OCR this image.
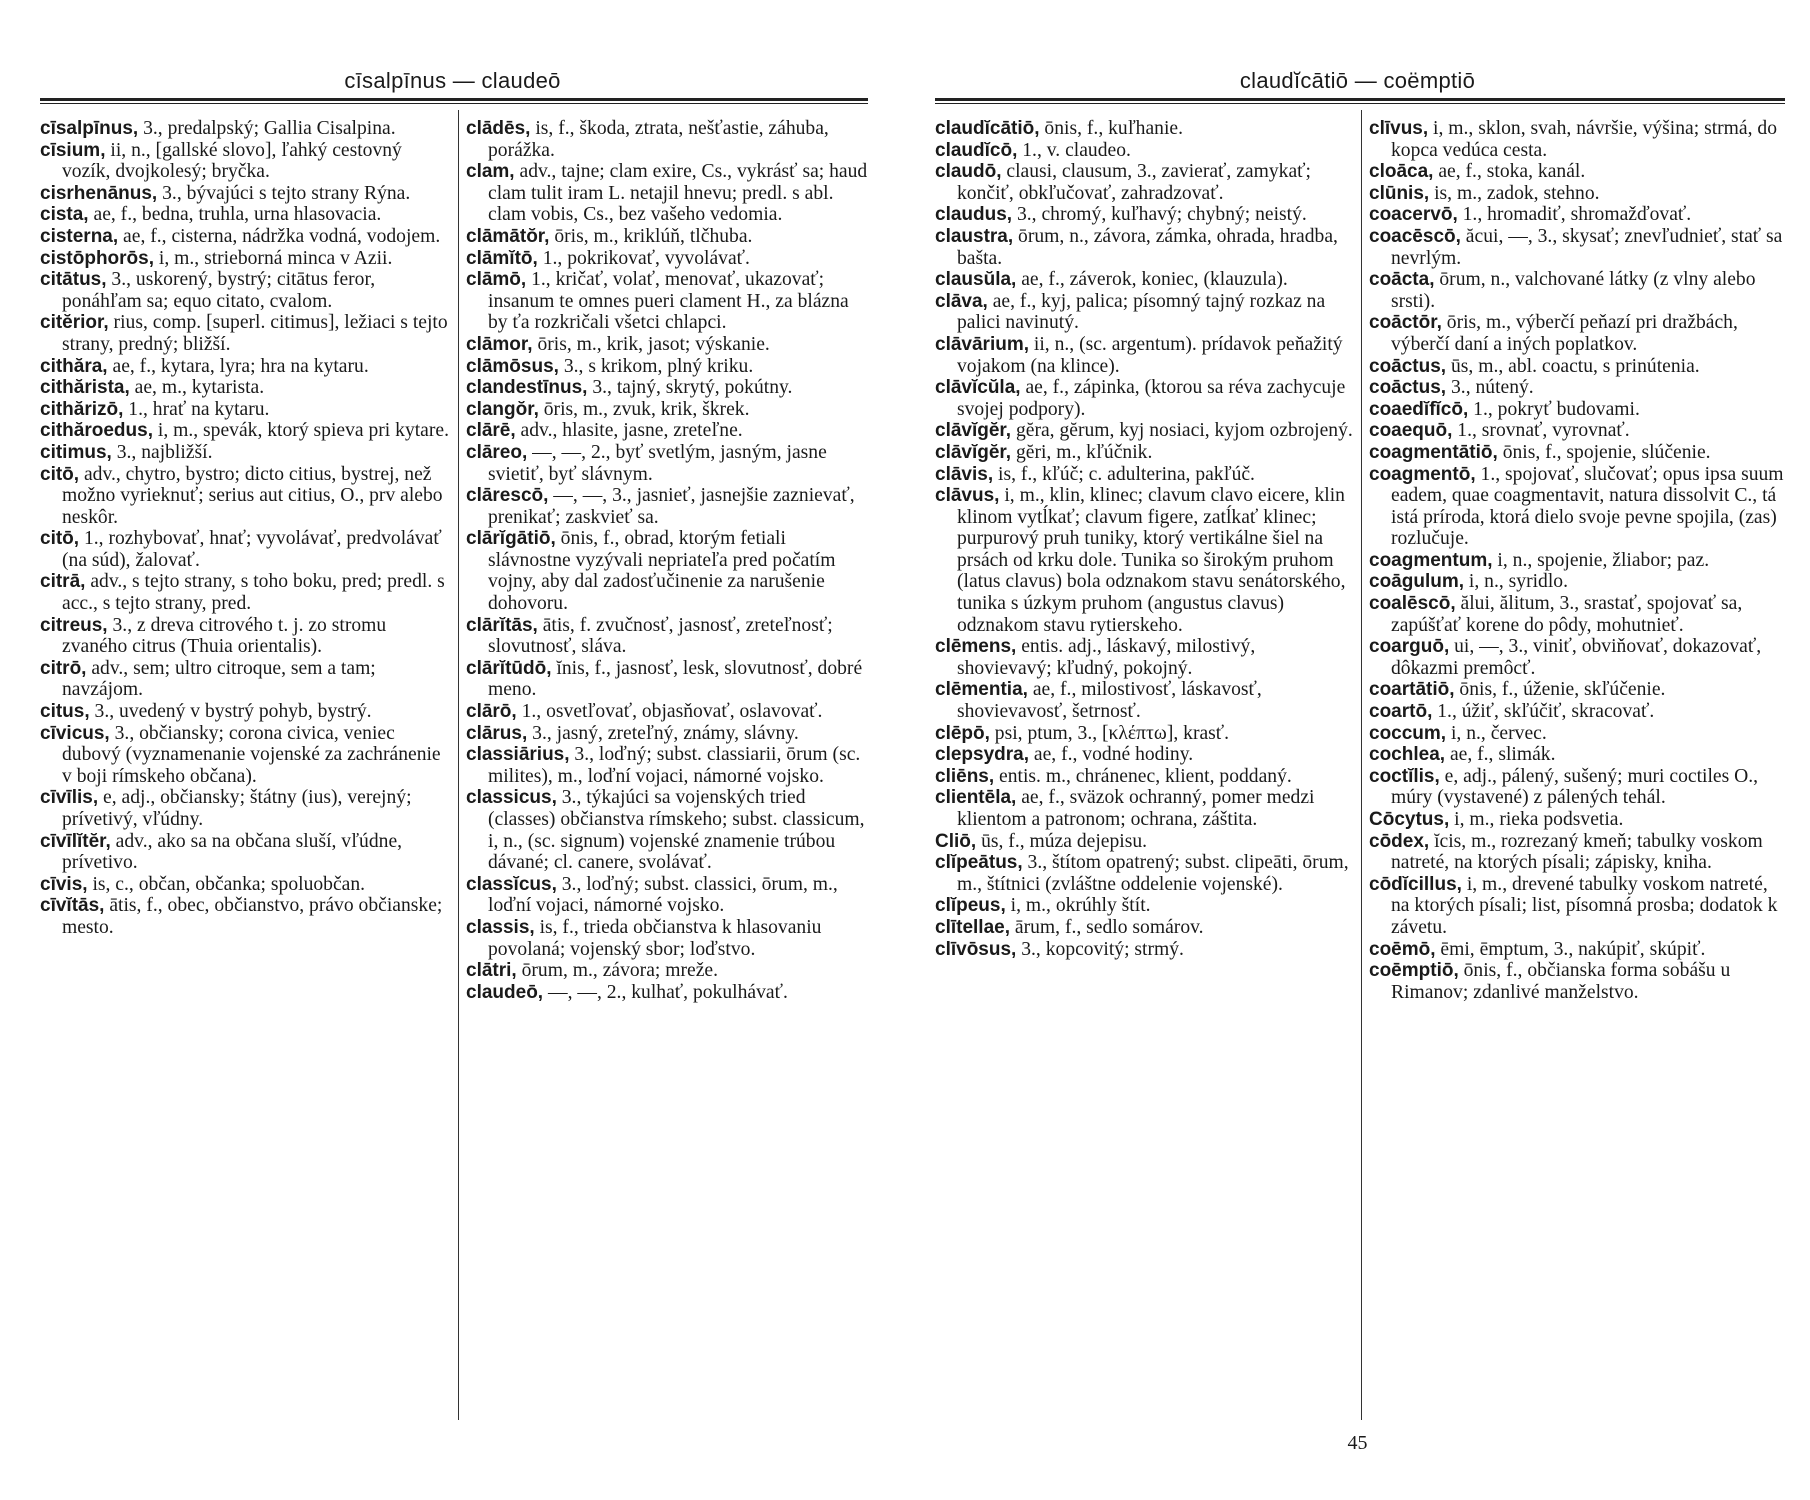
cīsalpīnus — claudeō

cīsalpīnus, 3., predalpský; Gallia Cisalpina.

cīsium, ii, n., [gallské slovo], ľahký cestovný vozík, dvojkolesý; bryčka.

cisrhenānus, 3., bývajúci s tejto strany Rýna.

cista, ae, f., bedna, truhla, urna hlasovacia.

cisterna, ae, f., cisterna, nádržka vodná, vodojem.

cistōphorōs, i, m., strieborná minca v Azii.

citātus, 3., uskorený, bystrý; citātus feror, ponáhľam sa; equo citato, cvalom.

citĕrior, rius, comp. [superl. citimus], ležiaci s tejto strany, predný; bližší.

cithăra, ae, f., kytara, lyra; hra na kytaru.

cithărista, ae, m., kytarista.

cithărizō, 1., hrať na kytaru.

cithăroedus, i, m., spevák, ktorý spieva pri kytare.

citimus, 3., najbližší.

citō, adv., chytro, bystro; dicto citius, bystrej, než možno vyrieknuť; serius aut citius, O., prv alebo neskôr.

citō, 1., rozhybovať, hnať; vyvolávať, predvolávať (na súd), žalovať.

citrā, adv., s tejto strany, s toho boku, pred; predl. s acc., s tejto strany, pred.

citreus, 3., z dreva citrového t. j. zo stromu zvaného citrus (Thuia orientalis).

citrō, adv., sem; ultro citroque, sem a tam; navzájom.

citus, 3., uvedený v bystrý pohyb, bystrý.

cīvicus, 3., občiansky; corona civica, veniec dubový (vyznamenanie vojenské za zachránenie v boji rímskeho občana).

cīvīlis, e, adj., občiansky; štátny (ius), verejný; prívetivý, vľúdny.

cīvīlĭtĕr, adv., ako sa na občana sluší, vľúdne, prívetivo.

cīvis, is, c., občan, občanka; spoluobčan.

cīvĭtās, ātis, f., obec, občianstvo, právo občianske; mesto.

clādēs, is, f., škoda, ztrata, nešťastie, záhuba, porážka.

clam, adv., tajne; clam exire, Cs., vykrásť sa; haud clam tulit iram L. netajil hnevu; predl. s abl. clam vobis, Cs., bez vašeho vedomia.

clāmātŏr, ōris, m., kriklúň, tlčhuba.

clāmĭtō, 1., pokrikovať, vyvolávať.

clāmō, 1., kričať, volať, menovať, ukazovať; insanum te omnes pueri clament H., za blázna by ťa rozkričali všetci chlapci.

clāmor, ōris, m., krik, jasot; výskanie.

clāmōsus, 3., s krikom, plný kriku.

clandestīnus, 3., tajný, skrytý, pokútny.

clangŏr, ōris, m., zvuk, krik, škrek.

clārē, adv., hlasite, jasne, zreteľne.

clāreo, —, —, 2., byť svetlým, jasným, jasne svietiť, byť slávnym.

clārescō, —, —, 3., jasnieť, jasnejšie zaznievať, prenikať; zaskvieť sa.

clārĭgātiō, ōnis, f., obrad, ktorým fetiali slávnostne vyzývali nepriateľa pred počatím vojny, aby dal zadosťučinenie za narušenie dohovoru.

clārĭtās, ātis, f. zvučnosť, jasnosť, zreteľnosť; slovutnosť, sláva.

clārĭtūdō, ĭnis, f., jasnosť, lesk, slovutnosť, dobré meno.

clārō, 1., osvetľovať, objasňovať, oslavovať.

clārus, 3., jasný, zreteľný, známy, slávny.

classiārius, 3., loďný; subst. classiarii, ōrum (sc. milites), m., loďní vojaci, námorné vojsko.

classicus, 3., týkajúci sa vojenských tried (classes) občianstva rímskeho; subst. classicum, i, n., (sc. signum) vojenské znamenie trúbou dávané; cl. canere, svolávať.

classĭcus, 3., loďný; subst. classici, ōrum, m., loďní vojaci, námorné vojsko.

classis, is, f., trieda občianstva k hlasovaniu povolaná; vojenský sbor; loďstvo.

clātri, ōrum, m., závora; mreže.

claudeō, —, —, 2., kulhať, pokulhávať.

claudĭcātiō — coëmptiō

claudĭcātiō, ōnis, f., kuľhanie.

claudĭcō, 1., v. claudeo.

claudō, clausi, clausum, 3., zavierať, zamykať; končiť, obkľučovať, zahradzovať.

claudus, 3., chromý, kuľhavý; chybný; neistý.

claustra, ōrum, n., závora, zámka, ohrada, hradba, bašta.

clausŭla, ae, f., záverok, koniec, (klauzula).

clāva, ae, f., kyj, palica; písomný tajný rozkaz na palici navinutý.

clāvārium, ii, n., (sc. argentum). prídavok peňažitý vojakom (na klince).

clāvĭcŭla, ae, f., zápinka, (ktorou sa réva zachycuje svojej podpory).

clāvĭgĕr, gĕra, gĕrum, kyj nosiaci, kyjom ozbrojený.

clāvĭgĕr, gĕri, m., kľúčnik.

clāvis, is, f., kľúč; c. adulterina, pakľúč.

clāvus, i, m., klin, klinec; clavum clavo eicere, klin klinom vytĺkať; clavum figere, zatĺkať klinec; purpurový pruh tuniky, ktorý vertikálne šiel na prsách od krku dole. Tunika so širokým pruhom (latus clavus) bola odznakom stavu senátorského, tunika s úzkym pruhom (angustus clavus) odznakom stavu rytierskeho.

clēmens, entis. adj., láskavý, milostivý, shovievavý; kľudný, pokojný.

clēmentia, ae, f., milostivosť, láskavosť, shovievavosť, šetrnosť.

clēpō, psi, ptum, 3., [κλέπτω], krasť.

clepsydra, ae, f., vodné hodiny.

cliēns, entis. m., chránenec, klient, poddaný.

clientēla, ae, f., sväzok ochranný, pomer medzi klientom a patronom; ochrana, záštita.

Cliō, ūs, f., múza dejepisu.

clĭpeātus, 3., štítom opatrený; subst. clipeāti, ōrum, m., štítnici (zvláštne oddelenie vojenské).

clĭpeus, i, m., okrúhly štít.

clītellae, ārum, f., sedlo somárov.

clīvōsus, 3., kopcovitý; strmý.

clīvus, i, m., sklon, svah, návršie, výšina; strmá, do kopca vedúca cesta.

cloāca, ae, f., stoka, kanál.

clūnis, is, m., zadok, stehno.

coacervō, 1., hromadiť, shromažďovať.

coacēscō, ăcui, —, 3., skysať; znevľudnieť, stať sa nevrlým.

coācta, ōrum, n., valchované látky (z vlny alebo srsti).

coāctōr, ōris, m., výberčí peňazí pri dražbách, výberčí daní a iných poplatkov.

coāctus, ūs, m., abl. coactu, s prinútenia.

coāctus, 3., nútený.

coaedĭfĭcō, 1., pokryť budovami.

coaequō, 1., srovnať, vyrovnať.

coagmentātiō, ōnis, f., spojenie, slúčenie.

coagmentō, 1., spojovať, slučovať; opus ipsa suum eadem, quae coagmentavit, natura dissolvit C., tá istá príroda, ktorá dielo svoje pevne spojila, (zas) rozlučuje.

coagmentum, i, n., spojenie, žliabor; paz.

coāgulum, i, n., syridlo.

coalēscō, ălui, ălitum, 3., srastať, spojovať sa, zapúšťať korene do pôdy, mohutnieť.

coarguō, ui, —, 3., viniť, obviňovať, dokazovať, dôkazmi premôcť.

coartātiō, ōnis, f., úženie, skľúčenie.

coartō, 1., úžiť, skľúčiť, skracovať.

coccum, i, n., červec.

cochlea, ae, f., slimák.

coctĭlis, e, adj., pálený, sušený; muri coctiles O., múry (vystavené) z pálených tehál.

Cōcytus, i, m., rieka podsvetia.

cōdex, ĭcis, m., rozrezaný kmeň; tabulky voskom natreté, na ktorých písali; zápisky, kniha.

cōdĭcillus, i, m., drevené tabulky voskom natreté, na ktorých písali; list, písomná prosba; dodatok k závetu.

coēmō, ēmi, ēmptum, 3., nakúpiť, skúpiť.

coēmptiō, ōnis, f., občianska forma sobášu u Rimanov; zdanlivé manželstvo.

45
